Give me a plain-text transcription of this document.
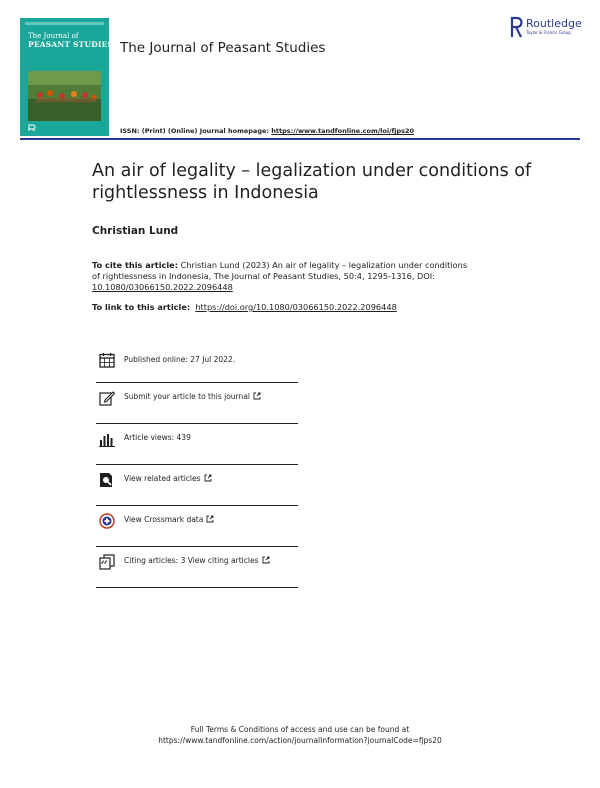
The Journal of
PEASANT STUDIES
Routledge
Taylor & Francis Group
The Journal of Peasant Studies
ISSN: (Print) (Online) Journal homepage: https://www.tandfonline.com/loi/fjps20
An air of legality – legalization under conditions of rightlessness in Indonesia
Christian Lund
To cite this article: Christian Lund (2023) An air of legality – legalization under conditions of rightlessness in Indonesia, The Journal of Peasant Studies, 50:4, 1295-1316, DOI: 10.1080/03066150.2022.2096448
To link to this article: https://doi.org/10.1080/03066150.2022.2096448
Published online: 27 Jul 2022.
Submit your article to this journal
Article views: 439
View related articles
View Crossmark data
Citing articles: 3 View citing articles
Full Terms & Conditions of access and use can be found at
https://www.tandfonline.com/action/journalInformation?journalCode=fjps20
